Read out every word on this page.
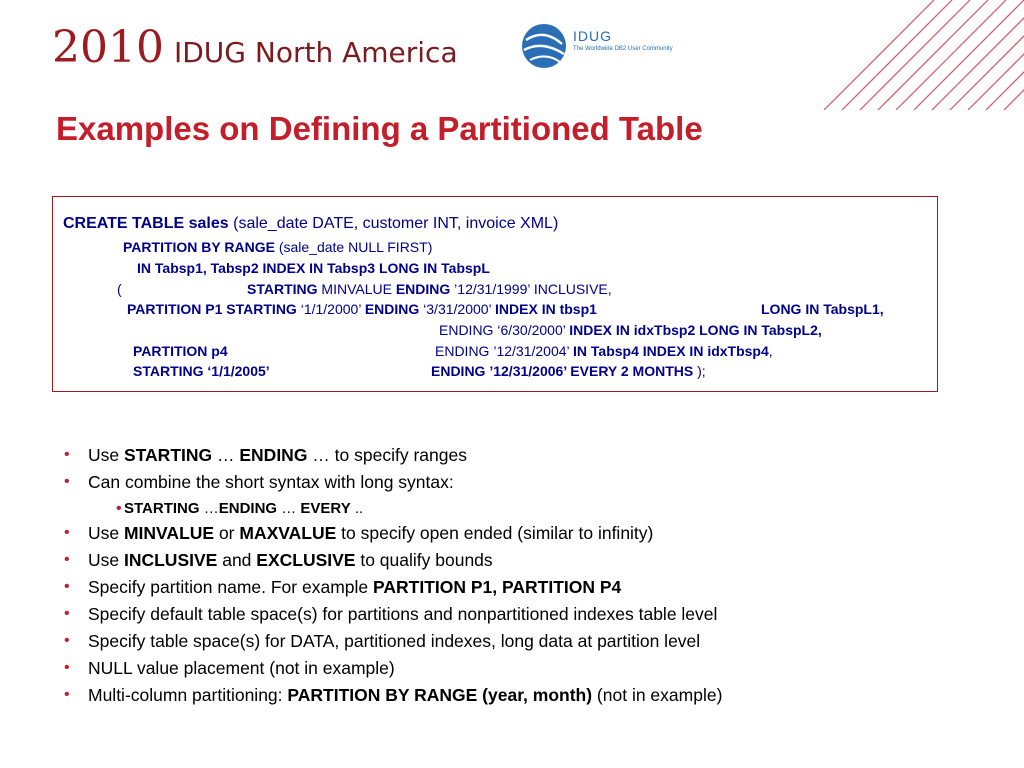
2010 IDUG North America	IDUG
The Worldwide DB2 User Community
Examples on Defining a Partitioned Table
CREATE TABLE sales (sale_date DATE, customer INT, invoice XML)
PARTITION BY RANGE (sale_date NULL FIRST)
IN Tabsp1, Tabsp2 INDEX IN Tabsp3 LONG IN TabspL
(	STARTING MINVALUE ENDING ’12/31/1999’ INCLUSIVE,
PARTITION P1 STARTING ‘1/1/2000’ ENDING ‘3/31/2000’ INDEX IN tbsp1	LONG IN TabspL1,
ENDING ‘6/30/2000’ INDEX IN idxTbsp2 LONG IN TabspL2,
PARTITION p4	ENDING ’12/31/2004’ IN Tabsp4 INDEX IN idxTbsp4,
STARTING ‘1/1/2005’	ENDING ’12/31/2006’ EVERY 2 MONTHS );
• Use STARTING … ENDING … to specify ranges
• Can combine the short syntax with long syntax:
• STARTING …ENDING … EVERY ..
• Use MINVALUE or MAXVALUE to specify open ended (similar to infinity)
• Use INCLUSIVE and EXCLUSIVE to qualify bounds
• Specify partition name. For example PARTITION P1, PARTITION P4
• Specify default table space(s) for partitions and nonpartitioned indexes table level
• Specify table space(s) for DATA, partitioned indexes, long data at partition level
• NULL value placement (not in example)
• Multi-column partitioning: PARTITION BY RANGE (year, month) (not in example)
